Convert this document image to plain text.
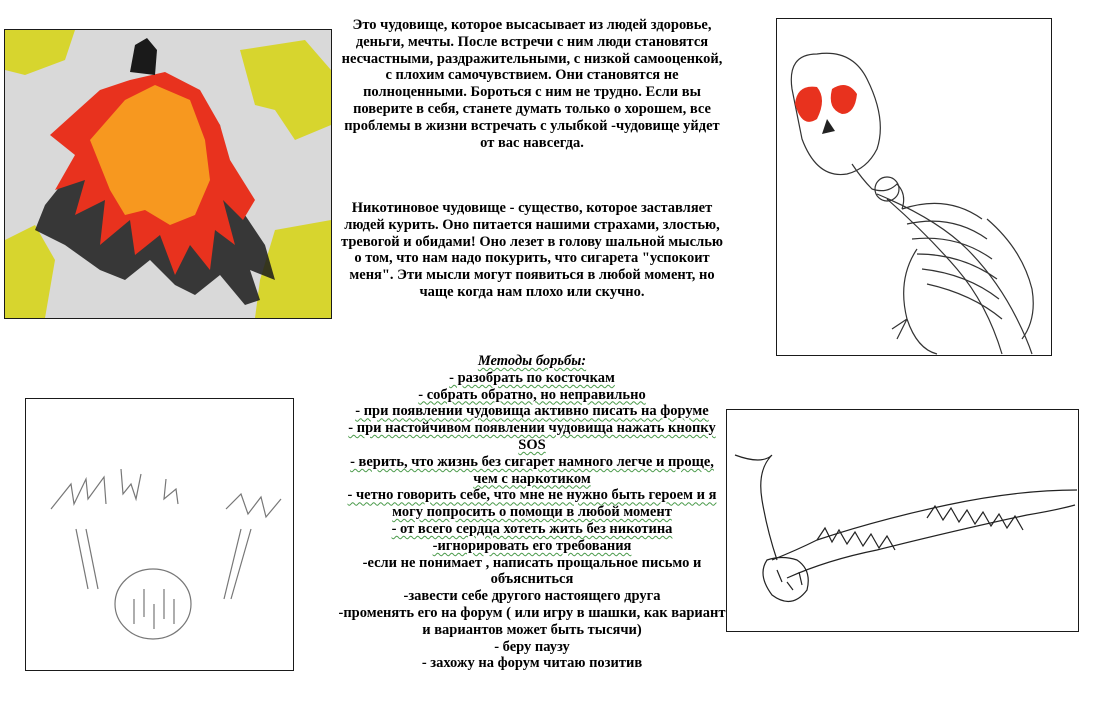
Это чудовище, которое высасывает из людей здоровье, деньги, мечты. После встречи с ним люди становятся несчастными, раздражительными, с низкой самооценкой, с плохим самочувствием. Они становятся не полноценными. Бороться с ним не трудно. Если вы поверите в себя, станете думать только о хорошем, все проблемы в жизни встречать с улыбкой -чудовище уйдет от вас навсегда.
Никотиновое чудовище - существо, которое заставляет людей курить. Оно питается нашими страхами, злостью, тревогой и обидами! Оно лезет в голову шальной мыслью о том, что нам надо покурить, что сигарета "успокоит меня". Эти мысли могут появиться в любой момент, но чаще когда нам плохо или скучно.
Методы борьбы:
- разобрать по косточкам
- собрать обратно, но неправильно
- при появлении чудовища активно писать на форуме
- при настойчивом появлении чудовища нажать кнопку SOS
- верить, что жизнь без сигарет намного легче и проще, чем с наркотиком
- четно говорить себе, что мне не нужно быть героем и я могу попросить о помощи в любой момент
- от всего сердца хотеть жить без никотина
-игнорировать его требования
-если не понимает , написать прощальное письмо и объясниться
-завести себе другого настоящего друга
-променять его на форум ( или игру в шашки, как вариант и вариантов может быть тысячи)
- беру паузу
- захожу на форум читаю позитив
